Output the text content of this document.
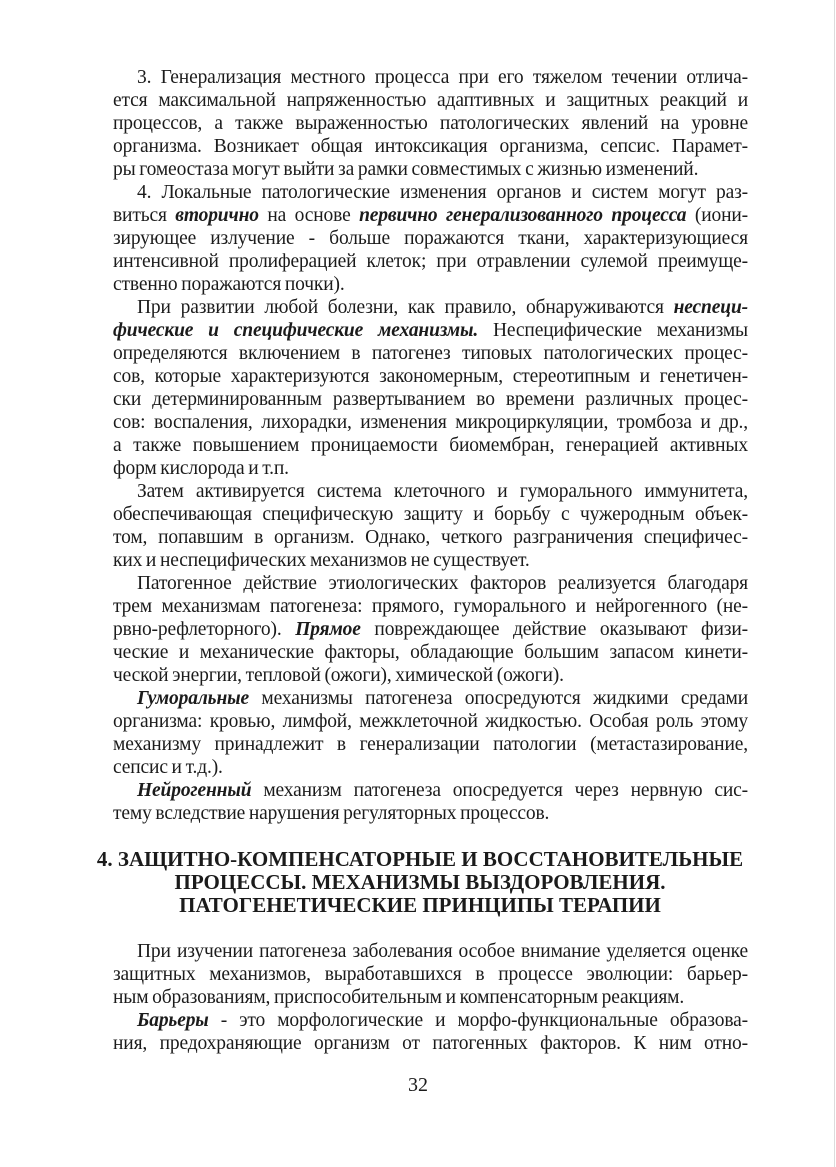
3. Генерализация местного процесса при его тяжелом течении отлича-
ется максимальной напряженностью адаптивных и защитных реакций и
процессов, а также выраженностью патологических явлений на уровне
организма. Возникает общая интоксикация организма, сепсис. Парамет-
ры гомеостаза могут выйти за рамки совместимых с жизнью изменений.
4. Локальные патологические изменения органов и систем могут раз-
виться вторично на основе первично генерализованного процесса (иони-
зирующее излучение - больше поражаются ткани, характеризующиеся
интенсивной пролиферацией клеток; при отравлении сулемой преимуще-
ственно поражаются почки).
При развитии любой болезни, как правило, обнаруживаются неспеци-
фические и специфические механизмы. Неспецифические механизмы
определяются включением в патогенез типовых патологических процес-
сов, которые характеризуются закономерным, стереотипным и генетичен-
ски детерминированным развертыванием во времени различных процес-
сов: воспаления, лихорадки, изменения микроциркуляции, тромбоза и др.,
а также повышением проницаемости биомембран, генерацией активных
форм кислорода и т.п.
Затем активируется система клеточного и гуморального иммунитета,
обеспечивающая специфическую защиту и борьбу с чужеродным объек-
том, попавшим в организм. Однако, четкого разграничения специфичес-
ких и неспецифических механизмов не существует.
Патогенное действие этиологических факторов реализуется благодаря
трем механизмам патогенеза: прямого, гуморального и нейрогенного (не-
рвно-рефлеторного). Прямое повреждающее действие оказывают физи-
ческие и механические факторы, обладающие большим запасом кинети-
ческой энергии, тепловой (ожоги), химической (ожоги).
Гуморальные механизмы патогенеза опосредуются жидкими средами
организма: кровью, лимфой, межклеточной жидкостью. Особая роль этому
механизму принадлежит в генерализации патологии (метастазирование,
сепсис и т.д.).
Нейрогенный механизм патогенеза опосредуется через нервную сис-
тему вследствие нарушения регуляторных процессов.
4. ЗАЩИТНО-КОМПЕНСАТОРНЫЕ И ВОССТАНОВИТЕЛЬНЫЕ
ПРОЦЕССЫ. МЕХАНИЗМЫ ВЫЗДОРОВЛЕНИЯ.
ПАТОГЕНЕТИЧЕСКИЕ ПРИНЦИПЫ ТЕРАПИИ
При изучении патогенеза заболевания особое внимание уделяется оценке
защитных механизмов, выработавшихся в процессе эволюции: барьер-
ным образованиям, приспособительным и компенсаторным реакциям.
Барьеры - это морфологические и морфо-функциональные образова-
ния, предохраняющие организм от патогенных факторов. К ним отно-
32
